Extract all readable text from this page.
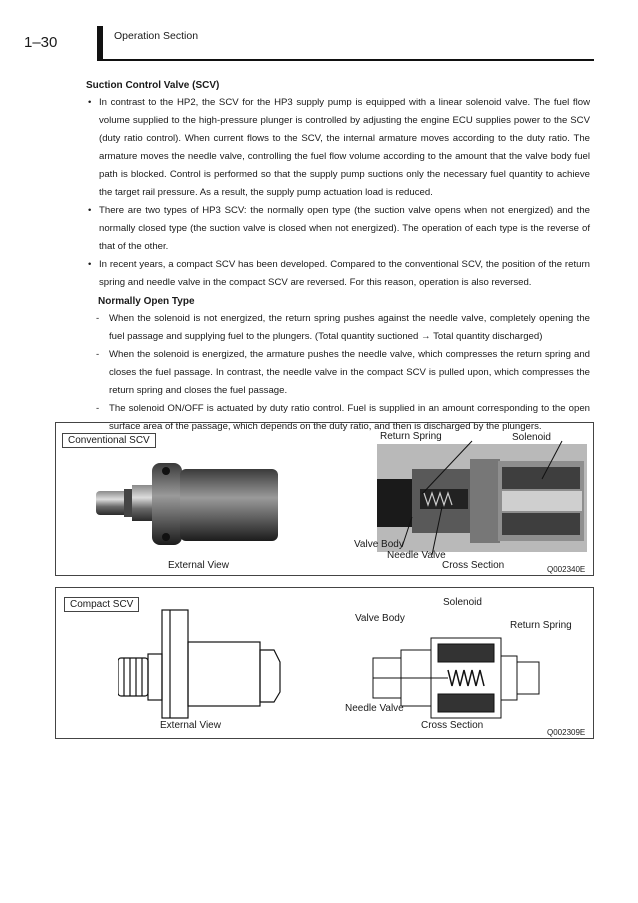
1–30	Operation Section

Suction Control Valve (SCV)

• In contrast to the HP2, the SCV for the HP3 supply pump is equipped with a linear solenoid valve. The fuel flow volume supplied to the high-pressure plunger is controlled by adjusting the engine ECU supplies power to the SCV (duty ratio control). When current flows to the SCV, the internal armature moves according to the duty ratio. The armature moves the needle valve, controlling the fuel flow volume according to the amount that the valve body fuel path is blocked. Control is performed so that the supply pump suctions only the necessary fuel quantity to achieve the target rail pressure. As a result, the supply pump actuation load is reduced.

• There are two types of HP3 SCV: the normally open type (the suction valve opens when not energized) and the normally closed type (the suction valve is closed when not energized). The operation of each type is the reverse of that of the other.

• In recent years, a compact SCV has been developed. Compared to the conventional SCV, the position of the return spring and needle valve in the compact SCV are reversed. For this reason, operation is also reversed.

Normally Open Type

- When the solenoid is not energized, the return spring pushes against the needle valve, completely opening the fuel passage and supplying fuel to the plungers. (Total quantity suctioned → Total quantity discharged)

- When the solenoid is energized, the armature pushes the needle valve, which compresses the return spring and closes the fuel passage. In contrast, the needle valve in the compact SCV is pulled upon, which compresses the return spring and closes the fuel passage.

- The solenoid ON/OFF is actuated by duty ratio control. Fuel is supplied in an amount corresponding to the open surface area of the passage, which depends on the duty ratio, and then is discharged by the plungers.

Conventional SCV
External View
Return Spring	Solenoid
Valve Body
Needle Valve
Cross Section	Q002340E
Compact SCV
External View
Solenoid
Valve Body
Return Spring
Needle Valve
Cross Section
Q002309E
